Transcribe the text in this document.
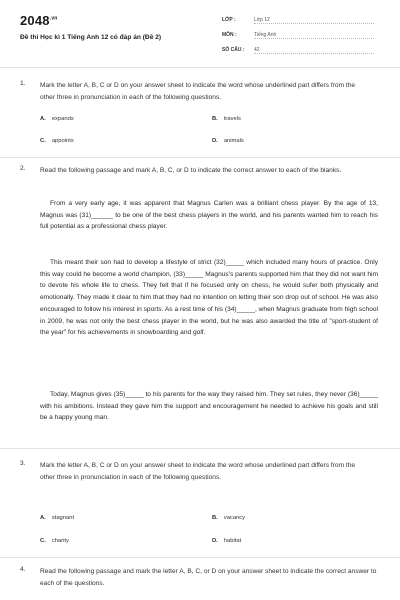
$2048^{.vn}$
Đề thi Học kì 1 Tiếng Anh 12 có đáp án (Đề 2)
LỚP :	Lớp 12
MÔN :	Tiếng Anh
SỐ CÂU :	42
1. Mark the letter A, B, C or D on your answer sheet to indicate the word whose underlined part differs from the other three in pronunciation in each of the following questions.
A. expands	B. travels
C. appoints	D. animals
2. Read the following passage and mark A, B, C, or D to indicate the correct answer to each of the blanks.
From a very early age, it was apparent that Magnus Carlen was a brilliant chess player. By the age of 13, Magnus was (31)______ to be one of the best chess players in the world, and his parents wanted him to reach his full potential as a professional chess player.
This meant their son had to develop a lifestyle of strict (32)_____ which included many hours of practice. Only this way could he become a world champion, (33)_____ Magnus's parents supported him that they did not want him to devote his whole life to chess. They felt that if he focused only on chess, he would sufer both physically and emotionally. They made it clear to him that they had no intention on letting their son drop out of school. He was also encouraged to follow his interest in sports. As a rest time of his (34)_____, when Magnus graduate from high school in 2009, he was not only the best chess player in the world, but he was also awarded the title of "sport-student of the year" for his achievements in snowboarding and golf.
Today, Magnus gives (35)_____ to his parents for the way they raised him. They set rules, they never (36)_____ with his ambitions. Instead they gave him the support and encouragement he needed to achieve his goals and still be a happy young man.
3. Mark the letter A, B, C or D on your answer sheet to indicate the word whose underlined part differs from the other three in pronunciation in each of the following questions.
A. stagnant	B. vacancy
C. charity	D. habitat
4. Read the following passage and mark the letter A, B, C, or D on your answer sheet to indicate the correct answer to each of the questions.
